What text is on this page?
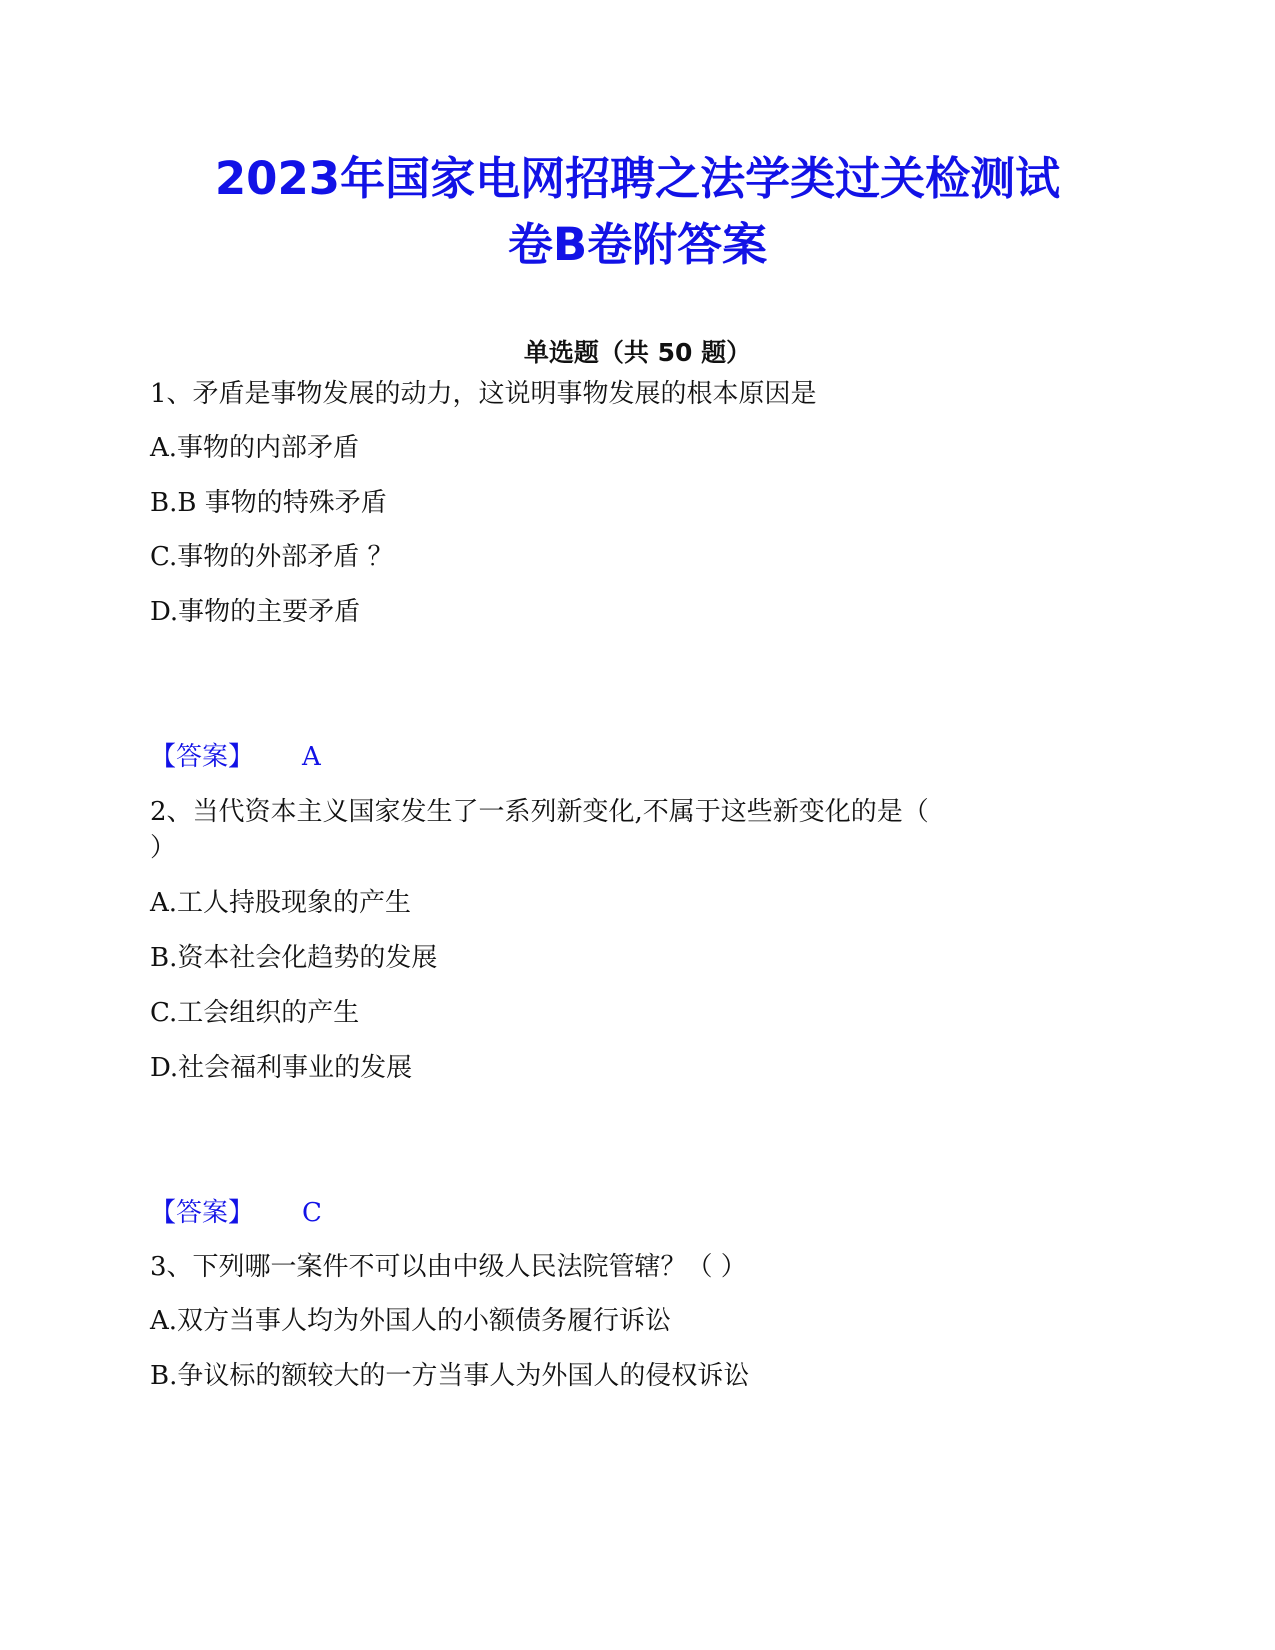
2023年国家电网招聘之法学类过关检测试
卷B卷附答案
单选题（共 50 题）
1、矛盾是事物发展的动力，这说明事物发展的根本原因是
A.事物的内部矛盾
B.B 事物的特殊矛盾
C.事物的外部矛盾 ？
D.事物的主要矛盾
【答案】 A
2、当代资本主义国家发生了一系列新变化,不属于这些新变化的是（
）
A.工人持股现象的产生
B.资本社会化趋势的发展
C.工会组织的产生
D.社会福利事业的发展
【答案】 C
3、下列哪一案件不可以由中级人民法院管辖？（ ）
A.双方当事人均为外国人的小额债务履行诉讼
B.争议标的额较大的一方当事人为外国人的侵权诉讼
